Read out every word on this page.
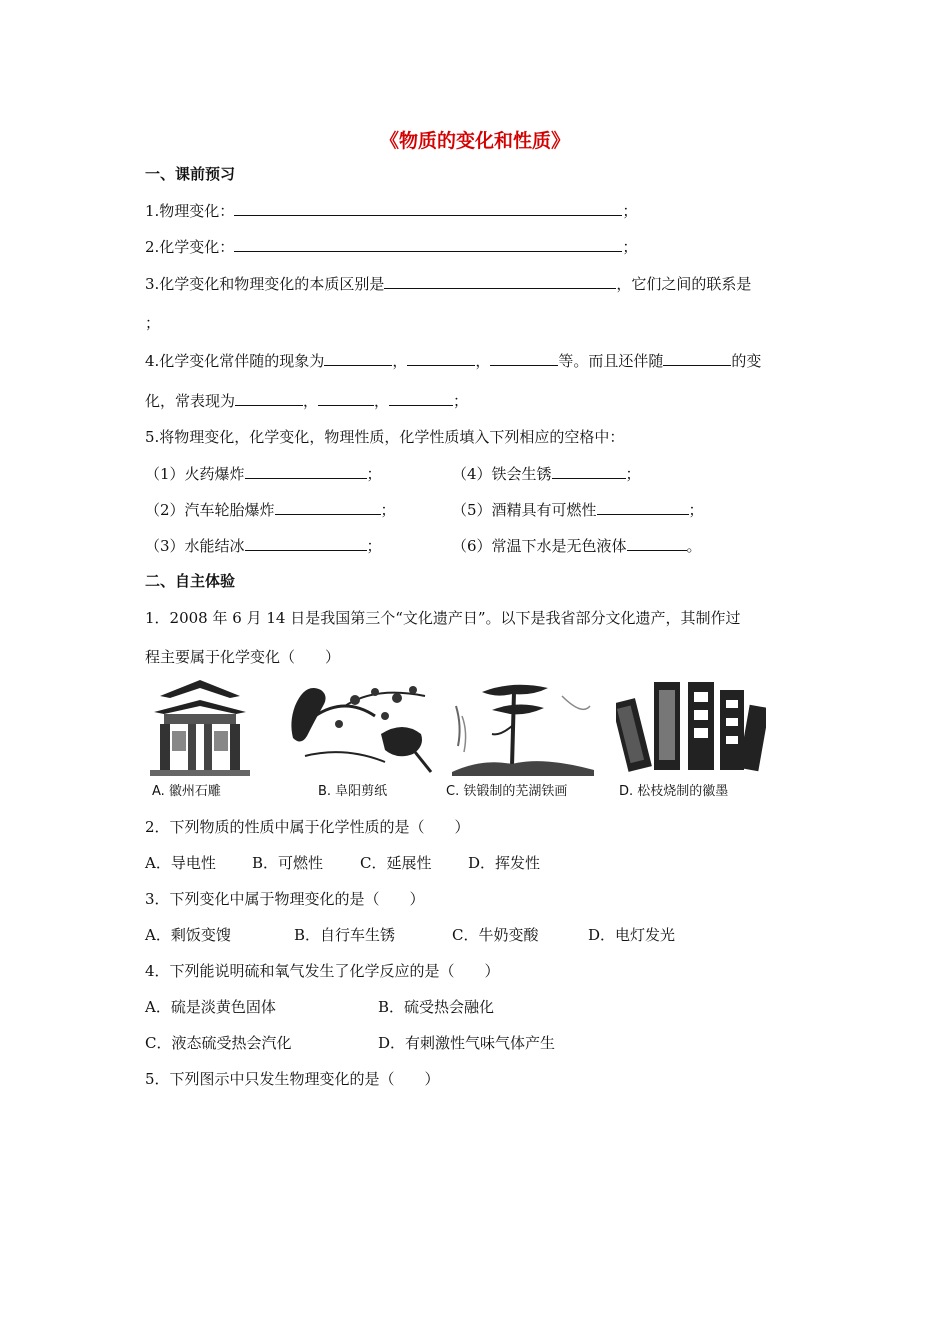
《物质的变化和性质》
一、课前预习
1.物理变化：	；
2.化学变化：	；
3.化学变化和物理变化的本质区别是	，它们之间的联系是
；
4.化学变化常伴随的现象为	，	，	等。而且还伴随	的变
化，常表现为	，	，	；
5.将物理变化，化学变化，物理性质，化学性质填入下列相应的空格中：
（1）火药爆炸	；	（4）铁会生锈	；
（2）汽车轮胎爆炸	；	（5）酒精具有可燃性	；
（3）水能结冰	；	（6）常温下水是无色液体	。
二、自主体验
1．2008 年 6 月 14 日是我国第三个“文化遗产日”。以下是我省部分文化遗产，其制作过
程主要属于化学变化（　　）
A. 徽州石雕	B. 阜阳剪纸	C. 铁锻制的芜湖铁画	D. 松枝烧制的徽墨
2．下列物质的性质中属于化学性质的是（　　）
A．导电性 B．可燃性 C．延展性 D．挥发性
3．下列变化中属于物理变化的是（　　）
A．剩饭变馊	B．自行车生锈	C．牛奶变酸	D．电灯发光
4．下列能说明硫和氧气发生了化学反应的是（　　）
A．硫是淡黄色固体	B．硫受热会融化
C．液态硫受热会汽化	D．有刺激性气味气体产生
5．下列图示中只发生物理变化的是（　　）
